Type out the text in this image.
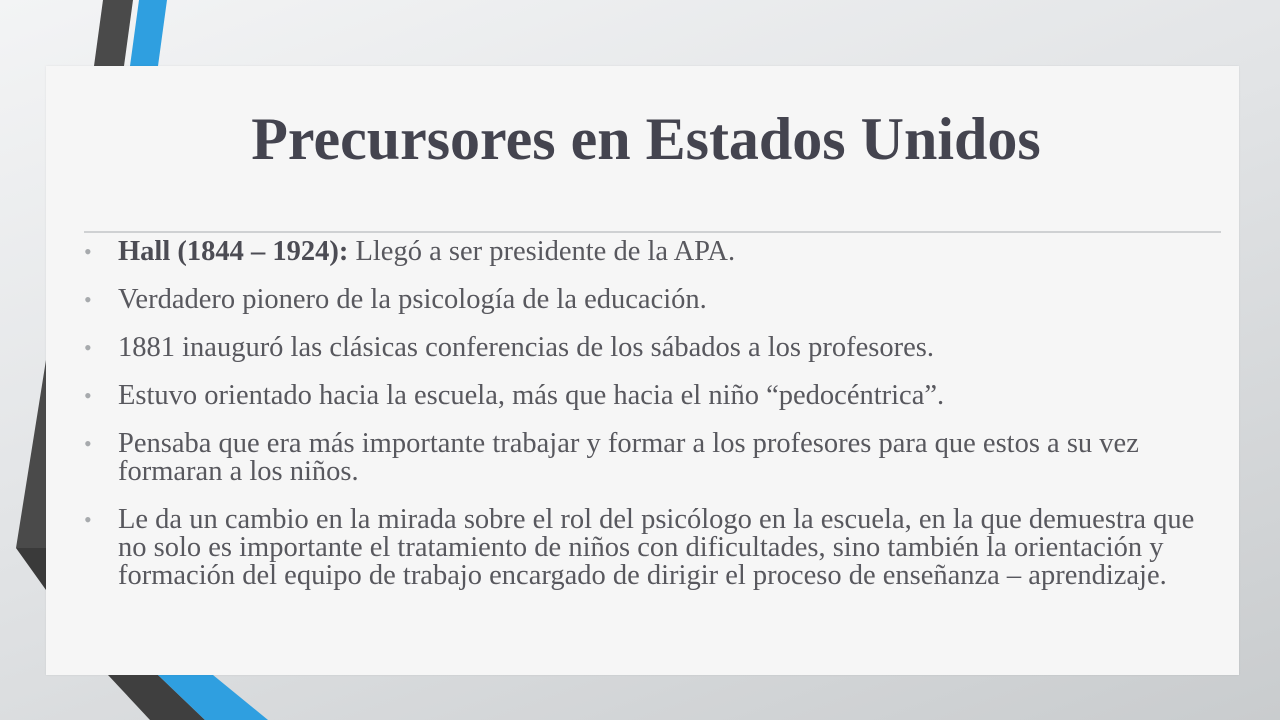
Precursores en Estados Unidos
• Hall (1844 – 1924): Llegó a ser presidente de la APA.
• Verdadero pionero de la psicología de la educación.
• 1881 inauguró las clásicas conferencias de los sábados a los profesores.
• Estuvo orientado hacia la escuela, más que hacia el niño “pedocéntrica”.
• Pensaba que era más importante trabajar y formar a los profesores para que estos a su vez formaran a los niños.
• Le da un cambio en la mirada sobre el rol del psicólogo en la escuela, en la que demuestra que no solo es importante el tratamiento de niños con dificultades, sino también la orientación y formación del equipo de trabajo encargado de dirigir el proceso de enseñanza – aprendizaje.
